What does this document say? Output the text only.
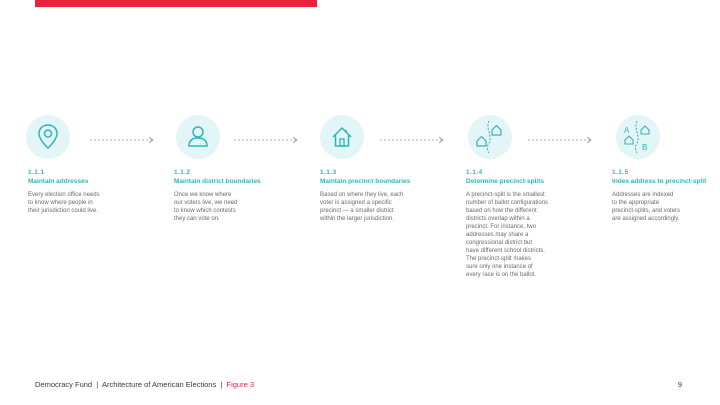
1.1.1
Maintain addresses
Every election office needs
to know where people in
their jurisdiction could live.
1.1.2
Maintain district boundaries
Once we know where
our voters live, we need
to know which contests
they can vote on.
1.1.3
Maintain precinct boundaries
Based on where they live, each
voter is assigned a specific
precinct — a smaller district
within the larger jurisdiction.
1.1.4
Determine precinct-splits
A precinct-split is the smallest
number of ballot configurations
based on how the different
districts overlap within a
precinct. For instance, two
addresses may share a
congressional district but
have different school districts.
The precinct-split makes
sure only one instance of
every race is on the ballot.
A
B
1.1.5
Index address to precinct-split
Addresses are indexed
to the appropriate
precinct-splits, and voters
are assigned accordingly.
Democracy Fund | Architecture of American Elections | Figure 3	9
